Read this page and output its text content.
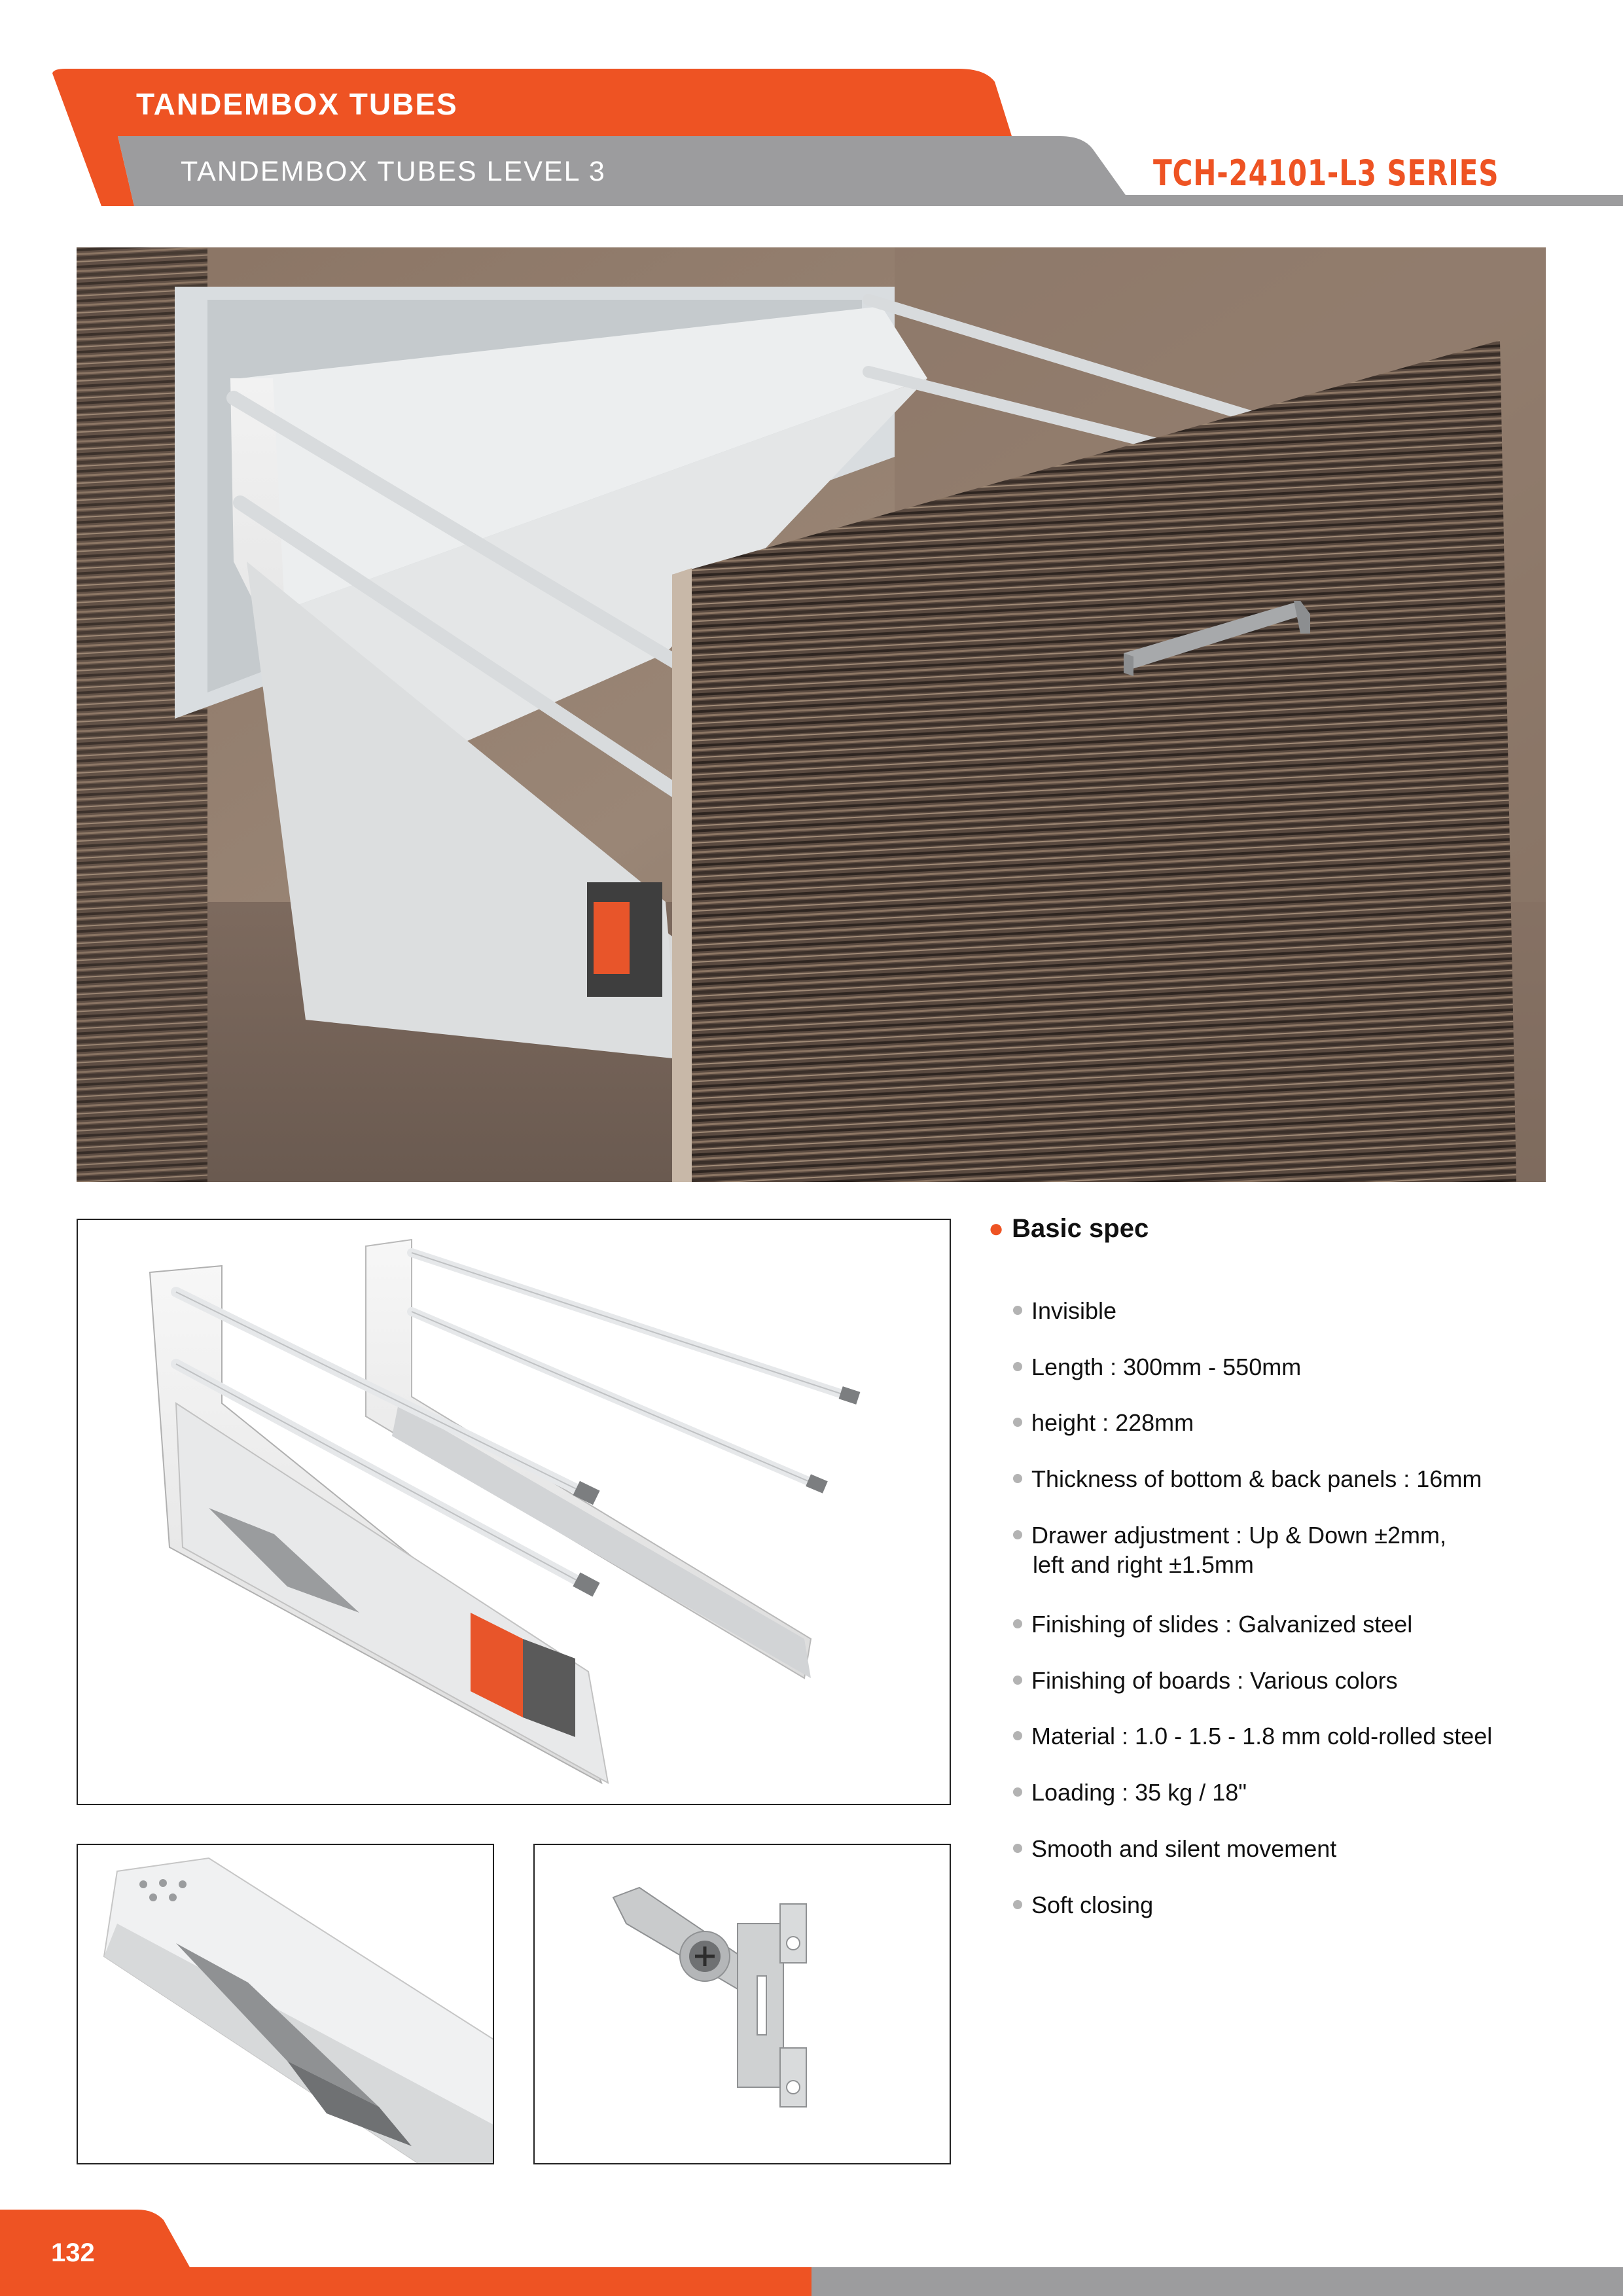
TANDEMBOX TUBES
TANDEMBOX TUBES LEVEL 3	TCH-24101-L3 SERIES
● Basic spec
Invisible
Length : 300mm - 550mm
height : 228mm
Thickness of bottom & back panels : 16mm
Drawer adjustment : Up & Down ±2mm,
left and right ±1.5mm
Finishing of slides : Galvanized steel
Finishing of boards : Various colors
Material : 1.0 - 1.5 - 1.8 mm cold-rolled steel
Loading : 35 kg / 18"
Smooth and silent movement
Soft closing
132
